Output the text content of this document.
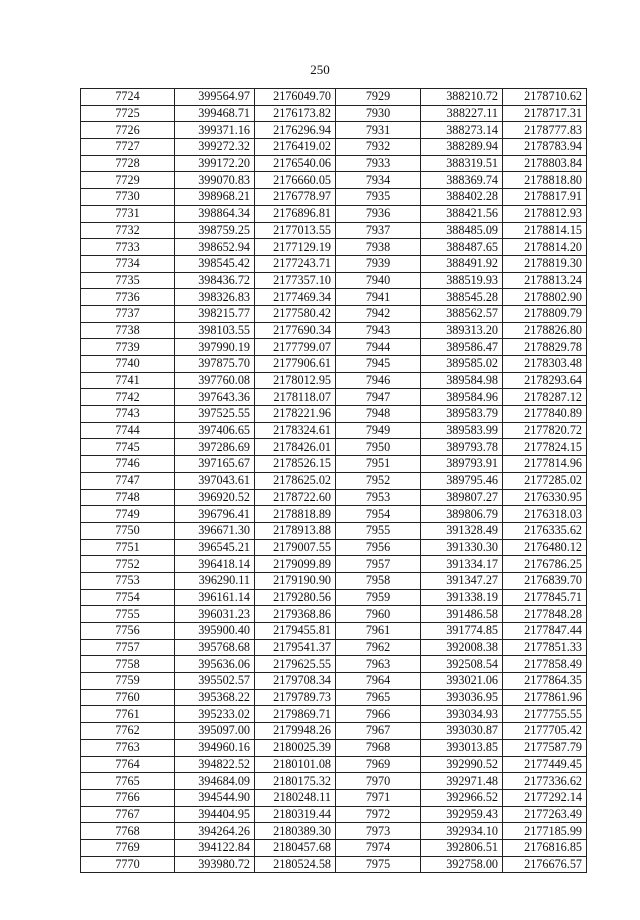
250
7724	399564.97	2176049.70	7929	388210.72	2178710.62
7725	399468.71	2176173.82	7930	388227.11	2178717.31
7726	399371.16	2176296.94	7931	388273.14	2178777.83
7727	399272.32	2176419.02	7932	388289.94	2178783.94
7728	399172.20	2176540.06	7933	388319.51	2178803.84
7729	399070.83	2176660.05	7934	388369.74	2178818.80
7730	398968.21	2176778.97	7935	388402.28	2178817.91
7731	398864.34	2176896.81	7936	388421.56	2178812.93
7732	398759.25	2177013.55	7937	388485.09	2178814.15
7733	398652.94	2177129.19	7938	388487.65	2178814.20
7734	398545.42	2177243.71	7939	388491.92	2178819.30
7735	398436.72	2177357.10	7940	388519.93	2178813.24
7736	398326.83	2177469.34	7941	388545.28	2178802.90
7737	398215.77	2177580.42	7942	388562.57	2178809.79
7738	398103.55	2177690.34	7943	389313.20	2178826.80
7739	397990.19	2177799.07	7944	389586.47	2178829.78
7740	397875.70	2177906.61	7945	389585.02	2178303.48
7741	397760.08	2178012.95	7946	389584.98	2178293.64
7742	397643.36	2178118.07	7947	389584.96	2178287.12
7743	397525.55	2178221.96	7948	389583.79	2177840.89
7744	397406.65	2178324.61	7949	389583.99	2177820.72
7745	397286.69	2178426.01	7950	389793.78	2177824.15
7746	397165.67	2178526.15	7951	389793.91	2177814.96
7747	397043.61	2178625.02	7952	389795.46	2177285.02
7748	396920.52	2178722.60	7953	389807.27	2176330.95
7749	396796.41	2178818.89	7954	389806.79	2176318.03
7750	396671.30	2178913.88	7955	391328.49	2176335.62
7751	396545.21	2179007.55	7956	391330.30	2176480.12
7752	396418.14	2179099.89	7957	391334.17	2176786.25
7753	396290.11	2179190.90	7958	391347.27	2176839.70
7754	396161.14	2179280.56	7959	391338.19	2177845.71
7755	396031.23	2179368.86	7960	391486.58	2177848.28
7756	395900.40	2179455.81	7961	391774.85	2177847.44
7757	395768.68	2179541.37	7962	392008.38	2177851.33
7758	395636.06	2179625.55	7963	392508.54	2177858.49
7759	395502.57	2179708.34	7964	393021.06	2177864.35
7760	395368.22	2179789.73	7965	393036.95	2177861.96
7761	395233.02	2179869.71	7966	393034.93	2177755.55
7762	395097.00	2179948.26	7967	393030.87	2177705.42
7763	394960.16	2180025.39	7968	393013.85	2177587.79
7764	394822.52	2180101.08	7969	392990.52	2177449.45
7765	394684.09	2180175.32	7970	392971.48	2177336.62
7766	394544.90	2180248.11	7971	392966.52	2177292.14
7767	394404.95	2180319.44	7972	392959.43	2177263.49
7768	394264.26	2180389.30	7973	392934.10	2177185.99
7769	394122.84	2180457.68	7974	392806.51	2176816.85
7770	393980.72	2180524.58	7975	392758.00	2176676.57
